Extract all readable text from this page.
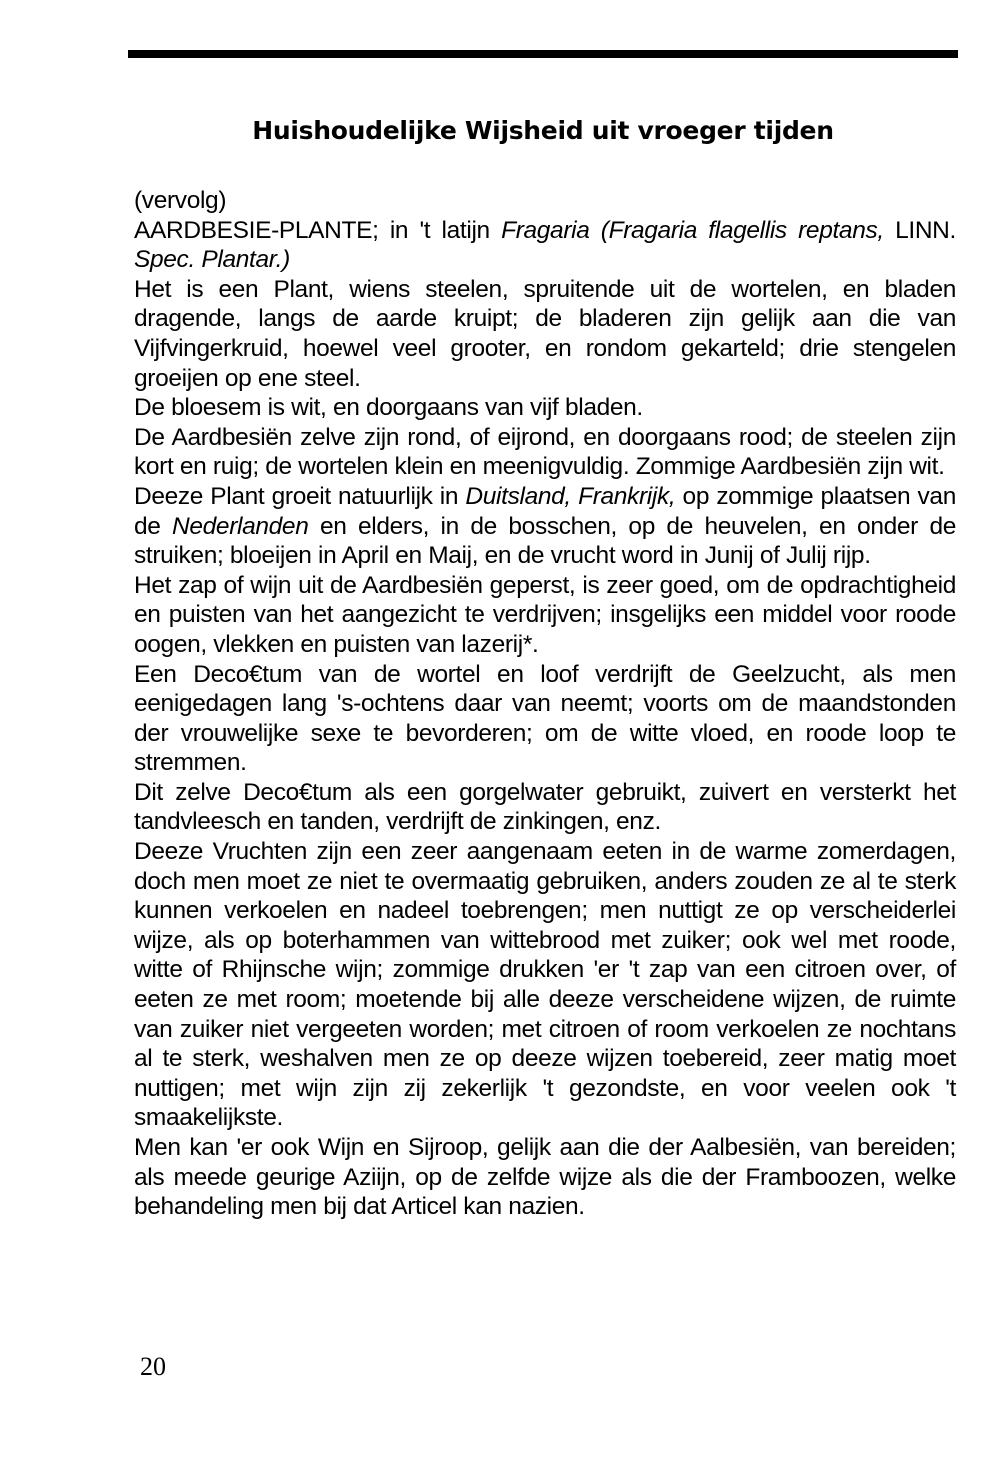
Huishoudelijke Wijsheid uit vroeger tijden

(vervolg)

AARDBESIE-PLANTE; in 't latijn Fragaria (Fragaria flagellis reptans, LINN. Spec. Plantar.)

Het is een Plant, wiens steelen, spruitende uit de wortelen, en bladen dragende, langs de aarde kruipt; de bladeren zijn gelijk aan die van Vijfvingerkruid, hoewel veel grooter, en rondom gekarteld; drie stengelen groeijen op ene steel.

De bloesem is wit, en doorgaans van vijf bladen.

De Aardbesiën zelve zijn rond, of eijrond, en doorgaans rood; de steelen zijn kort en ruig; de wortelen klein en meenigvuldig. Zommige Aardbesiën zijn wit.

Deeze Plant groeit natuurlijk in Duitsland, Frankrijk, op zommige plaatsen van de Nederlanden en elders, in de bosschen, op de heuvelen, en onder de struiken; bloeijen in April en Maij, en de vrucht word in Junij of Julij rijp.

Het zap of wijn uit de Aardbesiën geperst, is zeer goed, om de opdrachtigheid en puisten van het aangezicht te verdrijven; insgelijks een middel voor roode oogen, vlekken en puisten van lazerij*.

Een Deco€tum van de wortel en loof verdrijft de Geelzucht, als men eenigedagen lang 's-ochtens daar van neemt; voorts om de maandstonden der vrouwelijke sexe te bevorderen; om de witte vloed, en roode loop te stremmen.

Dit zelve Deco€tum als een gorgelwater gebruikt, zuivert en versterkt het tandvleesch en tanden, verdrijft de zinkingen, enz.

Deeze Vruchten zijn een zeer aangenaam eeten in de warme zomerdagen, doch men moet ze niet te overmaatig gebruiken, anders zouden ze al te sterk kunnen verkoelen en nadeel toebrengen; men nuttigt ze op verscheiderlei wijze, als op boterhammen van wittebrood met zuiker; ook wel met roode, witte of Rhijnsche wijn; zommige drukken 'er 't zap van een citroen over, of eeten ze met room; moetende bij alle deeze verscheidene wijzen, de ruimte van zuiker niet vergeeten worden; met citroen of room verkoelen ze nochtans al te sterk, weshalven men ze op deeze wijzen toebereid, zeer matig moet nuttigen; met wijn zijn zij zekerlijk 't gezondste, en voor veelen ook 't smaakelijkste.

Men kan 'er ook Wijn en Sijroop, gelijk aan die der Aalbesiën, van bereiden; als meede geurige Aziijn, op de zelfde wijze als die der Framboozen, welke behandeling men bij dat Articel kan nazien.

20
